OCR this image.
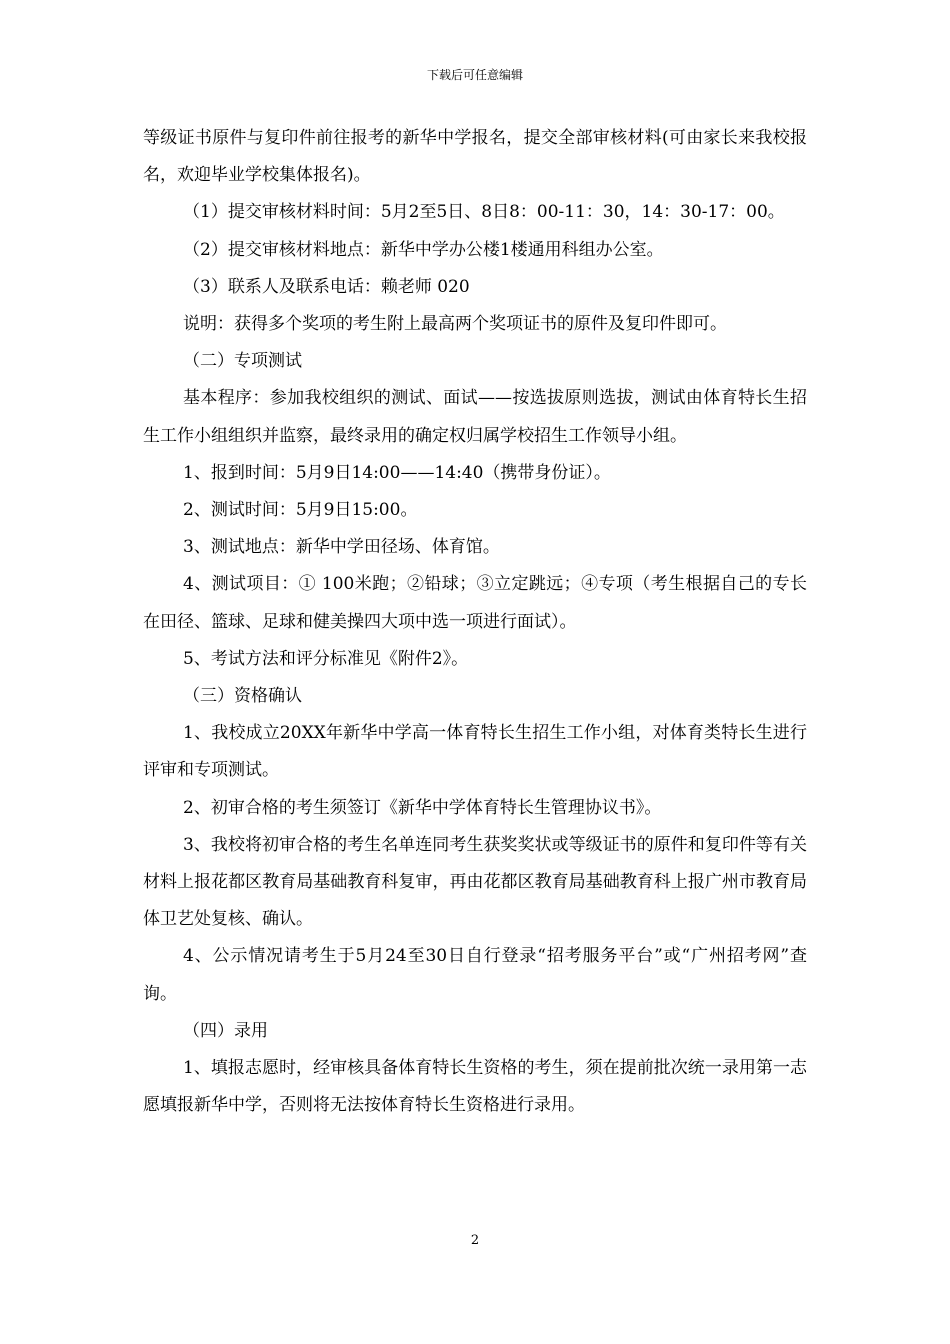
下载后可任意编辑

等级证书原件与复印件前往报考的新华中学报名，提交全部审核材料(可由家长来我校报名，欢迎毕业学校集体报名)。

（1）提交审核材料时间：5月2至5日、8日8：00-11：30，14：30-17：00。

（2）提交审核材料地点：新华中学办公楼1楼通用科组办公室。

（3）联系人及联系电话：赖老师 020

说明：获得多个奖项的考生附上最高两个奖项证书的原件及复印件即可。

（二）专项测试

基本程序：参加我校组织的测试、面试——按选拔原则选拔，测试由体育特长生招生工作小组组织并监察，最终录用的确定权归属学校招生工作领导小组。

1、报到时间：5月9日14:00——14:40（携带身份证）。

2、测试时间：5月9日15:00。

3、测试地点：新华中学田径场、体育馆。

4、测试项目：① 100米跑；②铅球；③立定跳远；④专项（考生根据自己的专长在田径、篮球、足球和健美操四大项中选一项进行面试）。

5、考试方法和评分标准见《附件2》。

（三）资格确认

1、我校成立20XX年新华中学高一体育特长生招生工作小组，对体育类特长生进行评审和专项测试。

2、初审合格的考生须签订《新华中学体育特长生管理协议书》。

3、我校将初审合格的考生名单连同考生获奖奖状或等级证书的原件和复印件等有关材料上报花都区教育局基础教育科复审，再由花都区教育局基础教育科上报广州市教育局体卫艺处复核、确认。

4、公示情况请考生于5月24至30日自行登录“招考服务平台”或“广州招考网”查询。

（四）录用

1、填报志愿时，经审核具备体育特长生资格的考生，须在提前批次统一录用第一志愿填报新华中学，否则将无法按体育特长生资格进行录用。

2
